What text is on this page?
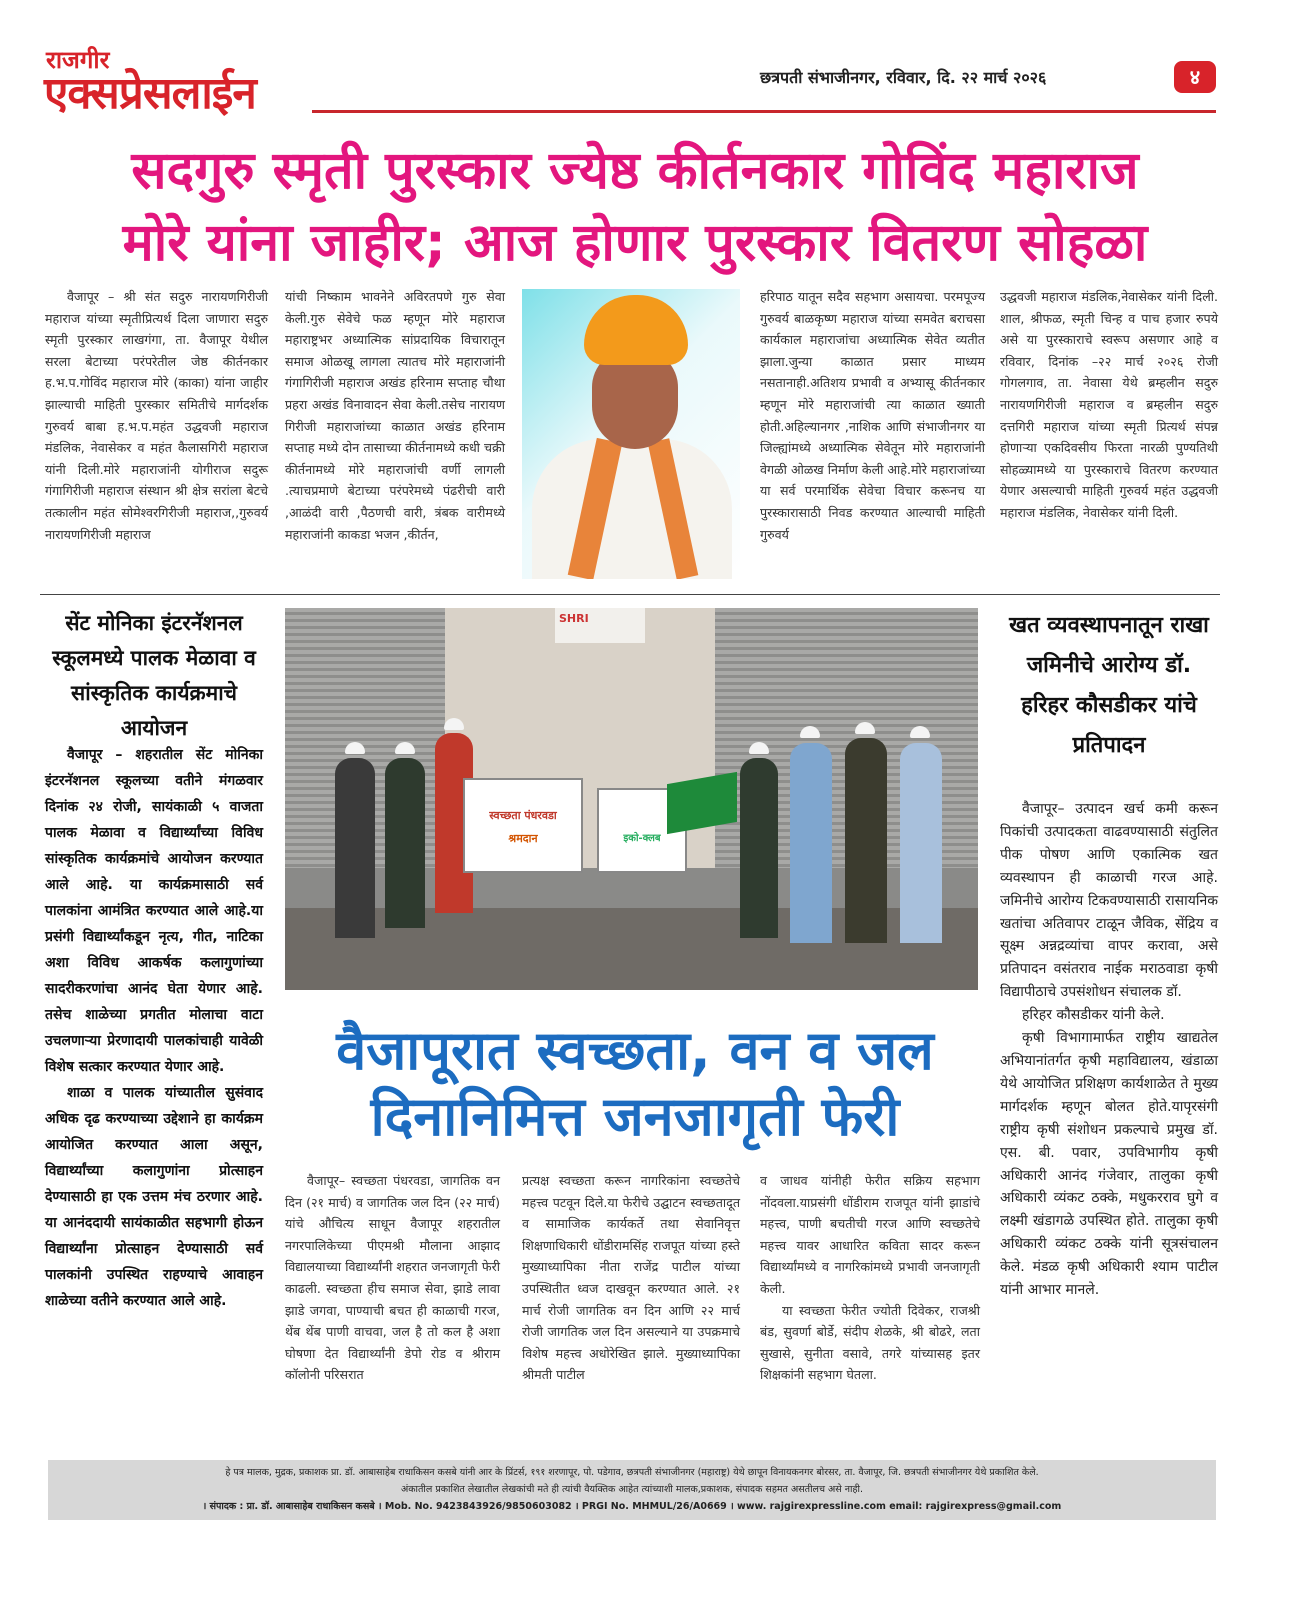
राजगीर
एक्सप्रेसलाईन	छत्रपती संभाजीनगर, रविवार, दि. २२ मार्च २०२६	४
सदगुरु स्मृती पुरस्कार ज्येष्ठ कीर्तनकार गोविंद महाराज
मोरे यांना जाहीर; आज होणार पुरस्कार वितरण सोहळा

वैजापूर – श्री संत सदुरु नारायणगिरीजी महाराज यांच्या स्मृतीप्रित्यर्थ दिला जाणारा सदुरु स्मृती पुरस्कार लाखगंगा, ता. वैजापूर येथील सरला बेटाच्या परंपरेतील जेष्ठ कीर्तनकार ह.भ.प.गोविंद महाराज मोरे (काका) यांना जाहीर झाल्याची माहिती पुरस्कार समितीचे मार्गदर्शक गुरुवर्य बाबा ह.भ.प.महंत उद्धवजी महाराज मंडलिक, नेवासेकर व महंत कैलासगिरी महाराज यांनी दिली.मोरे महाराजांनी योगीराज सदुरू गंगागिरीजी महाराज संस्थान श्री क्षेत्र सरांला बेटचे तत्कालीन महंत सोमेश्वरगिरीजी महाराज,,गुरुवर्य नारायणगिरीजी महाराज

यांची निष्काम भावनेने अविरतपणे गुरु सेवा केली.गुरु सेवेचे फळ म्हणून मोरे महाराज महाराष्ट्रभर अध्यात्मिक सांप्रदायिक विचारातून समाज ओळखू लागला त्यातच मोरे महाराजांनी गंगागिरीजी महाराज अखंड हरिनाम सप्ताह चौथा प्रहरा अखंड विनावादन सेवा केली.तसेच नारायण गिरीजी महाराजांच्या काळात अखंड हरिनाम सप्ताह मध्ये दोन तासाच्या कीर्तनामध्ये कधी चक्री कीर्तनामध्ये मोरे महाराजांची वर्णी लागली .त्याचप्रमाणे बेटाच्या परंपरेमध्ये पंढरीची वारी ,आळंदी वारी ,पैठणची वारी, त्रंबक वारीमध्ये महाराजांनी काकडा भजन ,कीर्तन,

हरिपाठ यातून सदैव सहभाग असायचा. परमपूज्य गुरुवर्य बाळकृष्ण महाराज यांच्या समवेत बराचसा कार्यकाल महाराजांचा अध्यात्मिक सेवेत व्यतीत झाला.जुन्या काळात प्रसार माध्यम नसतानाही.अतिशय प्रभावी व अभ्यासू कीर्तनकार म्हणून मोरे महाराजांची त्या काळात ख्याती होती.अहिल्यानगर ,नाशिक आणि संभाजीनगर या जिल्ह्यांमध्ये अध्यात्मिक सेवेतून मोरे महाराजांनी वेगळी ओळख निर्माण केली आहे.मोरे महाराजांच्या या सर्व परमार्थिक सेवेचा विचार करूनच या पुरस्कारासाठी निवड करण्यात आल्याची माहिती गुरुवर्य

उद्धवजी महाराज मंडलिक,नेवासेकर यांनी दिली. शाल, श्रीफळ, स्मृती चिन्ह व पाच हजार रुपये असे या पुरस्काराचे स्वरूप असणार आहे व रविवार, दिनांक –२२ मार्च २०२६ रोजी गोगलगाव, ता. नेवासा येथे ब्रम्हलीन सदुरु नारायणगिरीजी महाराज व ब्रम्हलीन सदुरु दत्तगिरी महाराज यांच्या स्मृती प्रित्यर्थ संपन्न होणाऱ्या एकदिवसीय फिरता नारळी पुण्यतिथी सोहळ्यामध्ये या पुरस्काराचे वितरण करण्यात येणार असल्याची माहिती गुरुवर्य महंत उद्धवजी महाराज मंडलिक, नेवासेकर यांनी दिली.

सेंट मोनिका इंटरनॅशनल स्कूलमध्ये पालक मेळावा व सांस्कृतिक कार्यक्रमाचे आयोजन

वैजापूर – शहरातील सेंट मोनिका इंटरनॅशनल स्कूलच्या वतीने मंगळवार दिनांक २४ रोजी, सायंकाळी ५ वाजता पालक मेळावा व विद्यार्थ्यांच्या विविध सांस्कृतिक कार्यक्रमांचे आयोजन करण्यात आले आहे. या कार्यक्रमासाठी सर्व पालकांना आमंत्रित करण्यात आले आहे.या प्रसंगी विद्यार्थ्यांकडून नृत्य, गीत, नाटिका अशा विविध आकर्षक कलागुणांच्या सादरीकरणांचा आनंद घेता येणार आहे. तसेच शाळेच्या प्रगतीत मोलाचा वाटा उचलणाऱ्या प्रेरणादायी पालकांचाही यावेळी विशेष सत्कार करण्यात येणार आहे.

शाळा व पालक यांच्यातील सुसंवाद अधिक दृढ करण्याच्या उद्देशाने हा कार्यक्रम आयोजित करण्यात आला असून, विद्यार्थ्यांच्या कलागुणांना प्रोत्साहन देण्यासाठी हा एक उत्तम मंच ठरणार आहे. या आनंददायी सायंकाळीत सहभागी होऊन विद्यार्थ्यांना प्रोत्साहन देण्यासाठी सर्व पालकांनी उपस्थित राहण्याचे आवाहन शाळेच्या वतीने करण्यात आले आहे.

SHRI
स्वच्छता पंधरवडा
श्रमदान	इको-क्लब
खत व्यवस्थापनातून राखा जमिनीचे आरोग्य डॉ. हरिहर कौसडीकर यांचे प्रतिपादन

वैजापूर– उत्पादन खर्च कमी करून पिकांची उत्पादकता वाढवण्यासाठी संतुलित पीक पोषण आणि एकात्मिक खत व्यवस्थापन ही काळाची गरज आहे. जमिनीचे आरोग्य टिकवण्यासाठी रासायनिक खतांचा अतिवापर टाळून जैविक, सेंद्रिय व सूक्ष्म अन्नद्रव्यांचा वापर करावा, असे प्रतिपादन वसंतराव नाईक मराठवाडा कृषी विद्यापीठाचे उपसंशोधन संचालक डॉ.

हरिहर कौसडीकर यांनी केले.

कृषी विभागामार्फत राष्ट्रीय खाद्यतेल अभियानांतर्गत कृषी महाविद्यालय, खंडाळा येथे आयोजित प्रशिक्षण कार्यशाळेत ते मुख्य मार्गदर्शक म्हणून बोलत होते.यापृरसंगी राष्ट्रीय कृषी संशोधन प्रकल्पाचे प्रमुख डॉ. एस. बी. पवार, उपविभागीय कृषी अधिकारी आनंद गंजेवार, तालुका कृषी अधिकारी व्यंकट ठक्के, मधुकरराव घुगे व लक्ष्मी खंडागळे उपस्थित होते. तालुका कृषी अधिकारी व्यंकट ठक्के यांनी सूत्रसंचालन केले. मंडळ कृषी अधिकारी श्याम पाटील यांनी आभार मानले.

वैजापूरात स्वच्छता, वन व जल
दिनानिमित्त जनजागृती फेरी

वैजापूर– स्वच्छता पंधरवडा, जागतिक वन दिन (२१ मार्च) व जागतिक जल दिन (२२ मार्च) यांचे औचित्य साधून वैजापूर शहरातील नगरपालिकेच्या पीएमश्री मौलाना आझाद विद्यालयाच्या विद्यार्थ्यांनी शहरात जनजागृती फेरी काढली. स्वच्छता हीच समाज सेवा, झाडे लावा झाडे जगवा, पाण्याची बचत ही काळाची गरज, थेंब थेंब पाणी वाचवा, जल है तो कल है अशा घोषणा देत विद्यार्थ्यांनी डेपो रोड व श्रीराम कॉलोनी परिसरात

प्रत्यक्ष स्वच्छता करून नागरिकांना स्वच्छतेचे महत्त्व पटवून दिले.या फेरीचे उद्घाटन स्वच्छतादूत व सामाजिक कार्यकर्ते तथा सेवानिवृत्त शिक्षणाधिकारी धोंडीरामसिंह राजपूत यांच्या हस्ते मुख्याध्यापिका नीता राजेंद्र पाटील यांच्या उपस्थितीत ध्वज दाखवून करण्यात आले. २१ मार्च रोजी जागतिक वन दिन आणि २२ मार्च रोजी जागतिक जल दिन असल्याने या उपक्रमाचे विशेष महत्त्व अधोरेखित झाले. मुख्याध्यापिका श्रीमती पाटील

व जाधव यांनीही फेरीत सक्रिय सहभाग नोंदवला.याप्रसंगी धोंडीराम राजपूत यांनी झाडांचे महत्त्व, पाणी बचतीची गरज आणि स्वच्छतेचे महत्त्व यावर आधारित कविता सादर करून विद्यार्थ्यांमध्ये व नागरिकांमध्ये प्रभावी जनजागृती केली.

या स्वच्छता फेरीत ज्योती दिवेकर, राजश्री बंड, सुवर्णा बोर्डे, संदीप शेळके, श्री बोढरे, लता सुखासे, सुनीता वसावे, तगरे यांच्यासह इतर शिक्षकांनी सहभाग घेतला.

हे पत्र मालक, मुद्रक, प्रकाशक प्रा. डॉ. आबासाहेब राधाकिसन कसबे यांनी आर के प्रिंटर्स, १९१ शरणापूर, पो. पडेगाव, छत्रपती संभाजीनगर (महाराष्ट्र) येथे छापून विनायकनगर बोरसर, ता. वैजापूर, जि. छत्रपती संभाजीनगर येथे प्रकाशित केले.
अंकातील प्रकाशित लेखातील लेखकांची मते ही त्यांची वैयक्तिक आहेत त्यांच्याशी मालक,प्रकाशक, संपादक सहमत असतीलच असे नाही.
। संपादक : प्रा. डॉ. आबासाहेब राधाकिसन कसबे । Mob. No. 9423843926/9850603082 । PRGI No. MHMUL/26/A0669 । www. rajgirexpressline.com email: rajgirexpress@gmail.com
